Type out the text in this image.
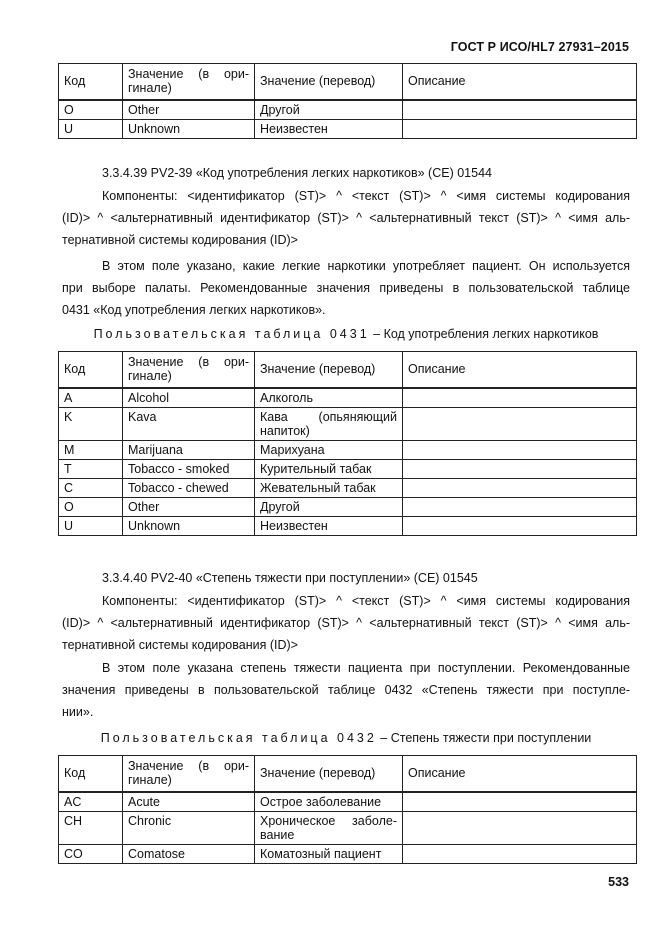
ГОСТ Р ИСО/HL7 27931–2015
Код	Значение (в ори-
гинале)	Значение (перевод)	Описание
O	Other	Другой	
U	Unknown	Неизвестен	

3.3.4.39 PV2-39 «Код употребления легких наркотиков» (CE) 01544

Компоненты: <идентификатор (ST)> ^ <текст (ST)> ^ <имя системы кодирования
(ID)> ^ <альтернативный идентификатор (ST)> ^ <альтернативный текст (ST)> ^ <имя аль-
тернативной системы кодирования (ID)>
В этом поле указано, какие легкие наркотики употребляет пациент. Он используется
при выборе палаты. Рекомендованные значения приведены в пользовательской таблице
0431 «Код употребления легких наркотиков».

Пользовательская таблица 0431 – Код употребления легких наркотиков

Код	Значение (в ори-
гинале)	Значение (перевод)	Описание
A	Alcohol	Алкоголь	
K	Kava	Кава (опьяняющий
напиток)	

M	Marijuana	Марихуана	
T	Tobacco - smoked	Курительный табак	
C	Tobacco - chewed	Жевательный табак	
O	Other	Другой	
U	Unknown	Неизвестен	

3.3.4.40 PV2-40 «Степень тяжести при поступлении» (CE) 01545

Компоненты: <идентификатор (ST)> ^ <текст (ST)> ^ <имя системы кодирования
(ID)> ^ <альтернативный идентификатор (ST)> ^ <альтернативный текст (ST)> ^ <имя аль-
тернативной системы кодирования (ID)>
В этом поле указана степень тяжести пациента при поступлении. Рекомендованные
значения приведены в пользовательской таблице 0432 «Степень тяжести при поступле-
нии».

Пользовательская таблица 0432 – Степень тяжести при поступлении

Код	Значение (в ори-
гинале)	Значение (перевод)	Описание
AC	Acute	Острое заболевание	
CH	Chronic	Хроническое заболе-
вание	

CO	Comatose	Коматозный пациент	
533
